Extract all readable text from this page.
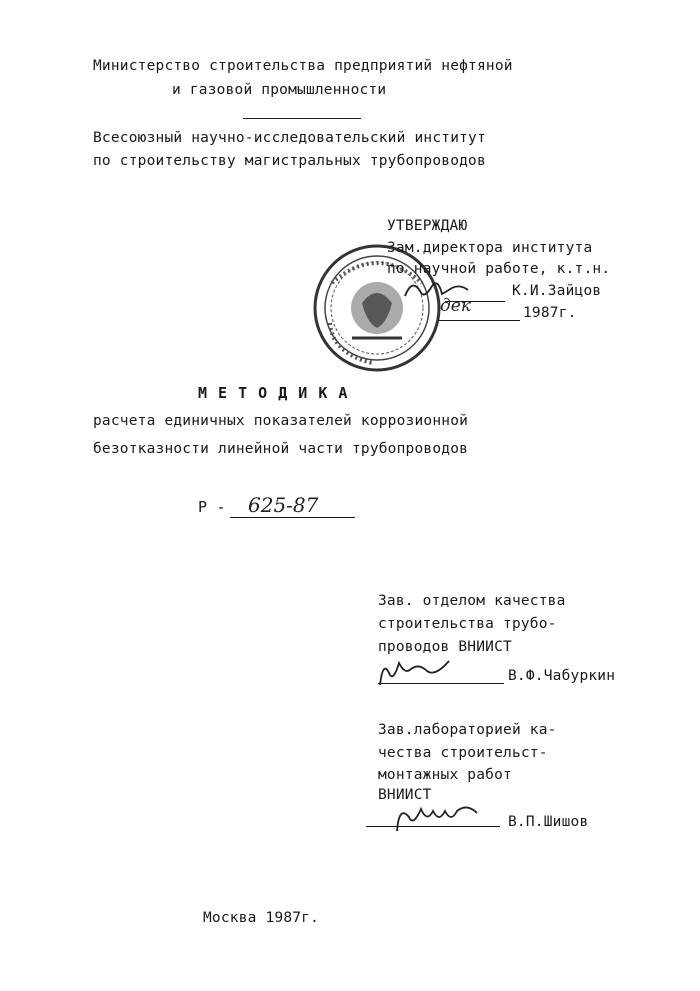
Министерство строительства предприятий нефтяной
и газовой промышленности
Всесоюзный научно-исследовательский институт
по строительству магистральных трубопроводов
УТВЕРЖДАЮ
Зам.директора института
по научной работе, к.т.н.
К.И.Зайцов
дек	1987г.
М Е Т О Д И К А
расчета единичных показателей коррозионной
безотказности линейной части трубопроводов
Р - 625-87
Зав. отделом качества
строительства трубо-
проводов ВНИИСТ
В.Ф.Чабуркин
Зав.лабораторией ка-
чества строительст-
монтажных работ
ВНИИСТ
В.П.Шишов
Москва 1987г.
